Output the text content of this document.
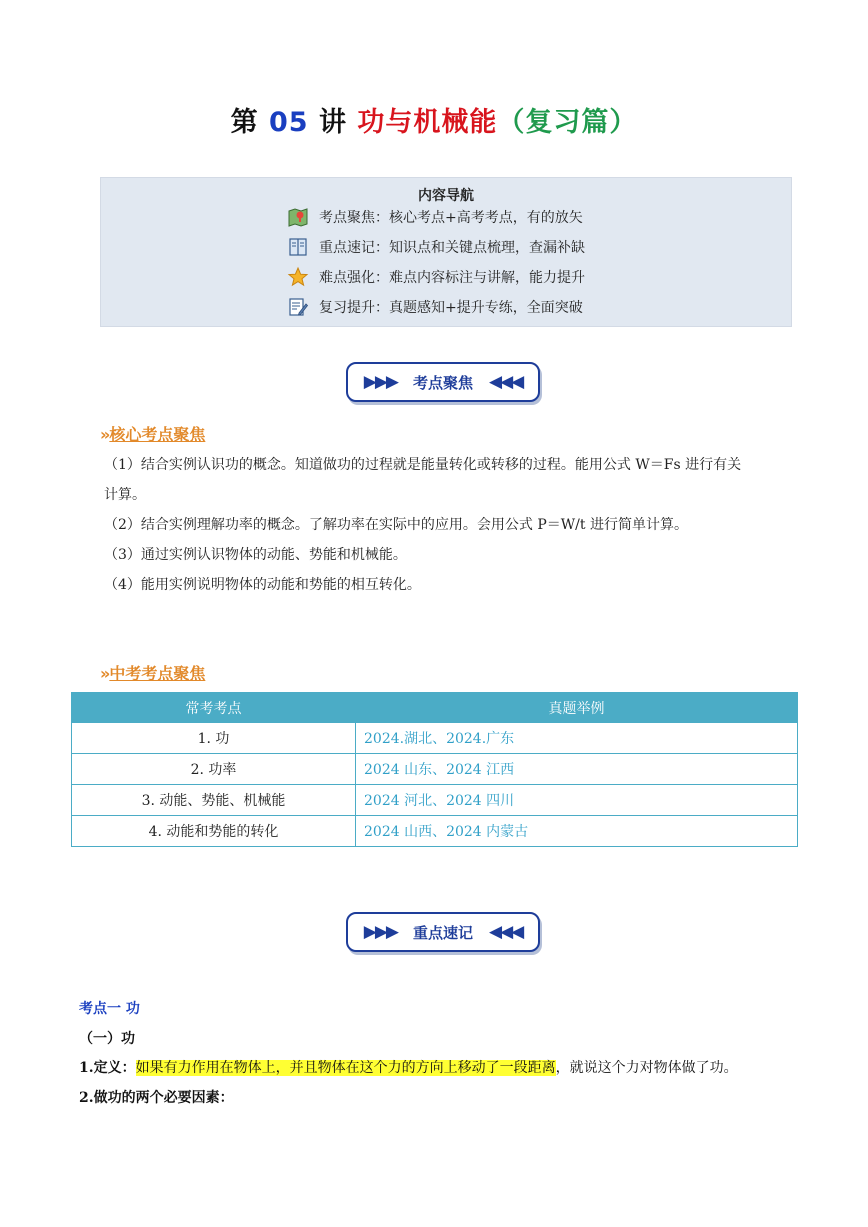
第 05 讲 功与机械能（复习篇）
内容导航
考点聚焦： 核心考点+高考考点，有的放矢
重点速记： 知识点和关键点梳理，查漏补缺
难点强化： 难点内容标注与讲解，能力提升
复习提升： 真题感知+提升专练，全面突破
▶▶▶ 考点聚焦 ◀◀◀
» 核心考点聚焦
（1）结合实例认识功的概念。知道做功的过程就是能量转化或转移的过程。能用公式 W＝Fs 进行有关
计算。
（2）结合实例理解功率的概念。了解功率在实际中的应用。会用公式 P＝W/t 进行简单计算。
（3）通过实例认识物体的动能、势能和机械能。
（4）能用实例说明物体的动能和势能的相互转化。
» 中考考点聚焦
常考考点	真题举例
1. 功	2024.湖北、2024.广东
2. 功率	2024 山东、2024 江西
3. 动能、势能、机械能	2024 河北、2024 四川
4. 动能和势能的转化	2024 山西、2024 内蒙古
▶▶▶ 重点速记 ◀◀◀
考点一 功
（一）功
1.定义：如果有力作用在物体上，并且物体在这个力的方向上移动了一段距离，就说这个力对物体做了功。
2.做功的两个必要因素：
